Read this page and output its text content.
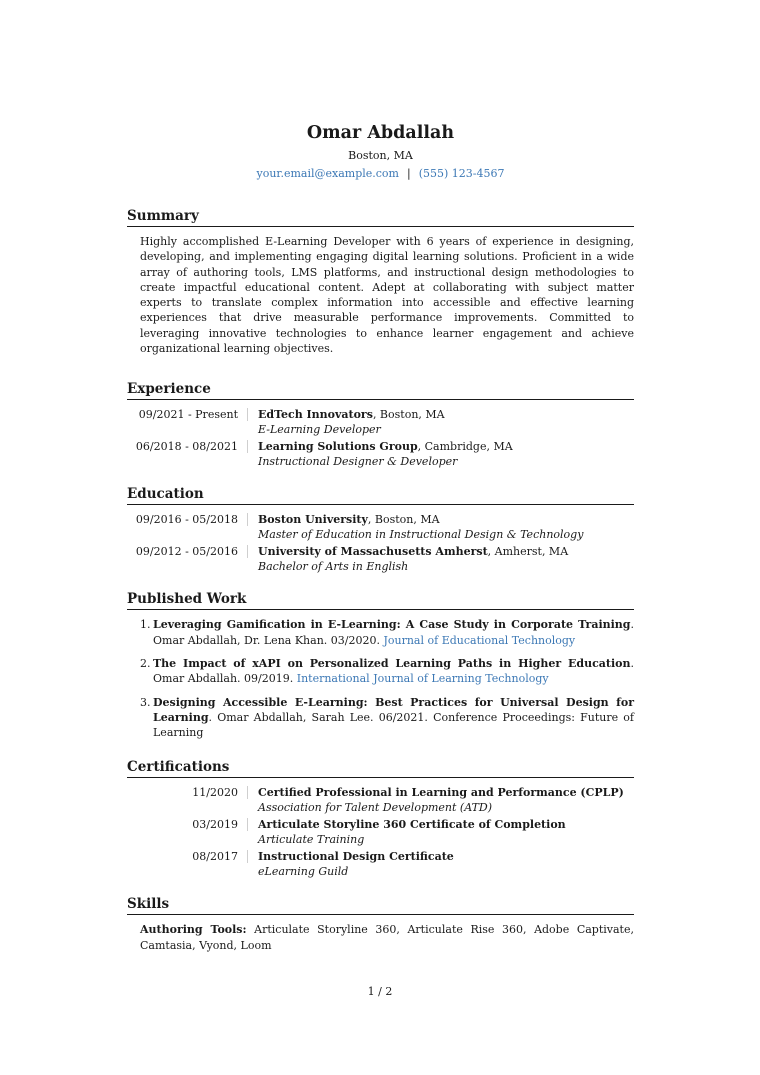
Omar Abdallah
Boston, MA
your.email@example.com | (555) 123-4567
Summary
Highly accomplished E-Learning Developer with 6 years of experience in designing, developing, and implementing engaging digital learning solutions. Proficient in a wide array of authoring tools, LMS platforms, and instructional design methodologies to create impactful educational content. Adept at collaborating with subject matter experts to translate complex information into accessible and effective learning experiences that drive measurable performance improvements. Committed to leveraging innovative technologies to enhance learner engagement and achieve organizational learning objectives.
Experience
09/2021 - Present	EdTech Innovators, Boston, MA
E-Learning Developer
06/2018 - 08/2021	Learning Solutions Group, Cambridge, MA
Instructional Designer & Developer
Education
09/2016 - 05/2018	Boston University, Boston, MA
Master of Education in Instructional Design & Technology
09/2012 - 05/2016	University of Massachusetts Amherst, Amherst, MA
Bachelor of Arts in English
Published Work
1. Leveraging Gamification in E-Learning: A Case Study in Corporate Training. Omar Abdallah, Dr. Lena Khan. 03/2020. Journal of Educational Technology
2. The Impact of xAPI on Personalized Learning Paths in Higher Education. Omar Abdallah. 09/2019. International Journal of Learning Technology
3. Designing Accessible E-Learning: Best Practices for Universal Design for Learning. Omar Abdallah, Sarah Lee. 06/2021. Conference Proceedings: Future of Learning
Certifications
11/2020	Certified Professional in Learning and Performance (CPLP)
Association for Talent Development (ATD)
03/2019	Articulate Storyline 360 Certificate of Completion
Articulate Training
08/2017	Instructional Design Certificate
eLearning Guild
Skills
Authoring Tools: Articulate Storyline 360, Articulate Rise 360, Adobe Captivate, Camtasia, Vyond, Loom
1 / 2
